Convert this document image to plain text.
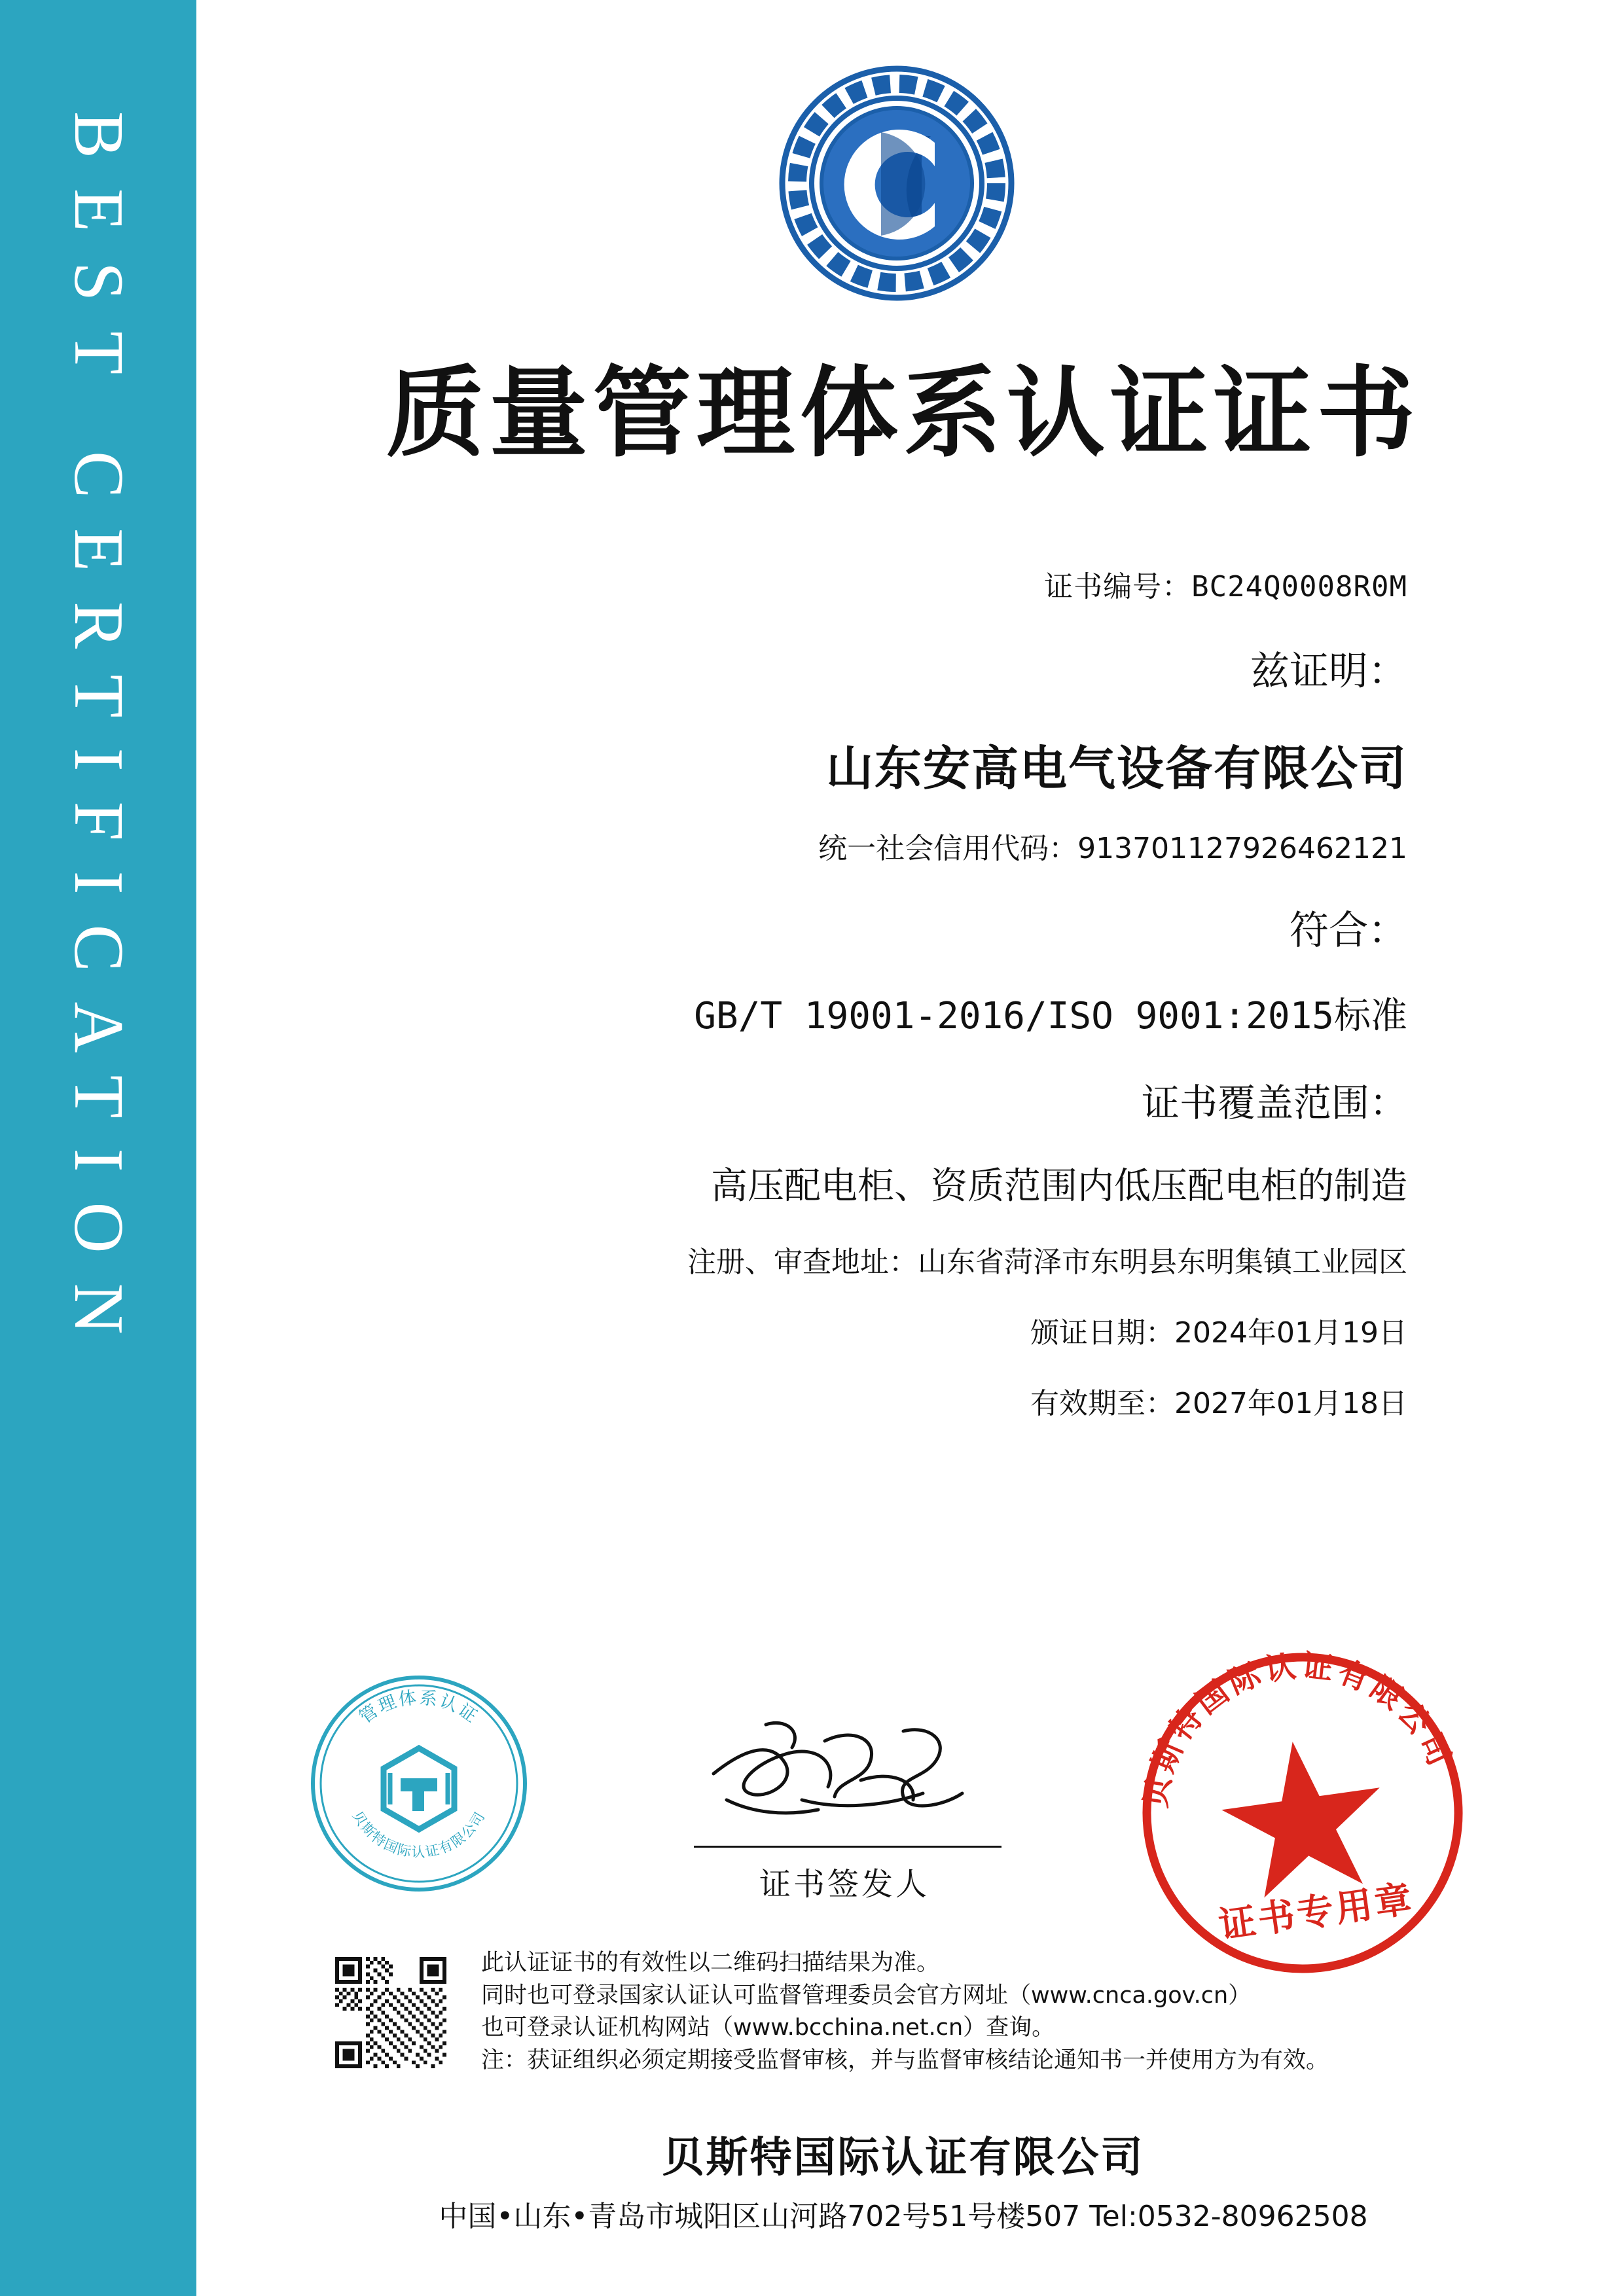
BEST CERTIFICATION	质量管理体系认证证书
证书编号：BC24Q0008R0M
兹证明：
山东安高电气设备有限公司
统一社会信用代码：913701127926462121
符合：
GB/T 19001-2016/ISO 9001:2015标准
证书覆盖范围：
高压配电柜、资质范围内低压配电柜的制造
注册、审查地址：山东省菏泽市东明县东明集镇工业园区
颁证日期：2024年01月19日
有效期至：2027年01月18日
管理体系认证
贝斯特国际认证有限公司
证书签发人
贝斯特国际认证有限公司
证书专用章
此认证证书的有效性以二维码扫描结果为准。
同时也可登录国家认证认可监督管理委员会官方网址（www.cnca.gov.cn）
也可登录认证机构网站（www.bcchina.net.cn）查询。
注：获证组织必须定期接受监督审核，并与监督审核结论通知书一并使用方为有效。
贝斯特国际认证有限公司
中国•山东•青岛市城阳区山河路702号51号楼507 Tel:0532-80962508
